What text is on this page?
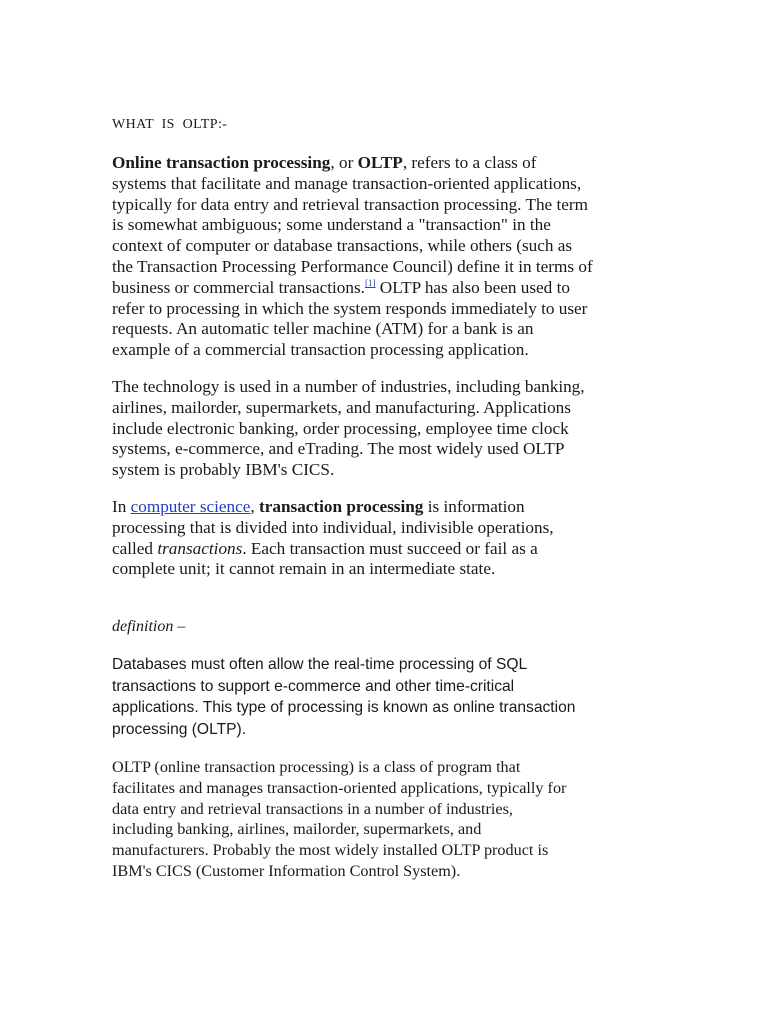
WHAT  IS  OLTP:-

Online transaction processing, or OLTP, refers to a class of
systems that facilitate and manage transaction-oriented applications,
typically for data entry and retrieval transaction processing. The term
is somewhat ambiguous; some understand a "transaction" in the
context of computer or database transactions, while others (such as
the Transaction Processing Performance Council) define it in terms of
business or commercial transactions.[1] OLTP has also been used to
refer to processing in which the system responds immediately to user
requests. An automatic teller machine (ATM) for a bank is an
example of a commercial transaction processing application.

The technology is used in a number of industries, including banking,
airlines, mailorder, supermarkets, and manufacturing. Applications
include electronic banking, order processing, employee time clock
systems, e-commerce, and eTrading. The most widely used OLTP
system is probably IBM's CICS.

In computer science, transaction processing is information
processing that is divided into individual, indivisible operations,
called transactions. Each transaction must succeed or fail as a
complete unit; it cannot remain in an intermediate state.

definition –

Databases must often allow the real-time processing of SQL
transactions to support e-commerce and other time-critical
applications. This type of processing is known as online transaction
processing (OLTP).

OLTP (online transaction processing) is a class of program that
facilitates and manages transaction-oriented applications, typically for
data entry and retrieval transactions in a number of industries,
including banking, airlines, mailorder, supermarkets, and
manufacturers. Probably the most widely installed OLTP product is
IBM's CICS (Customer Information Control System).
